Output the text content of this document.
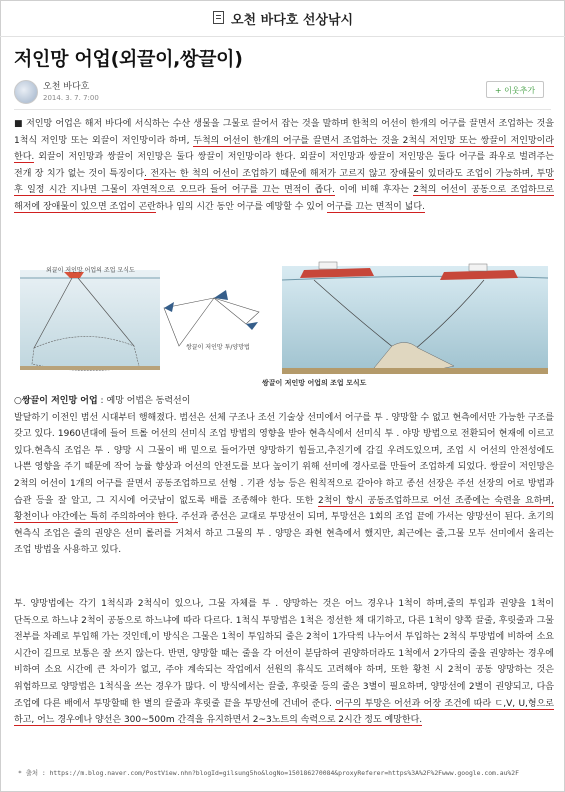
오천 바다호 선상낚시
저인망 어업(외끌이,쌍끌이)
오천 바다호
2014. 3. 7. 7:00
+ 이웃추가
■ 저인망 어업은 해저 바다에 서식하는 수산 생물을 그물로 끌어서 잡는 것을 말하며 한척의 어선이 한개의 어구를 끌면서 조업하는 것을 1척식 저인망 또는 외끌이 저인망이라 하며, 두척의 어선이 한개의 어구를 끌면서 조업하는 것을 2척식 저인망 또는 쌍끌이 저인망이라 한다. 외끌이 저인망과 쌍끌이 저인망은 둘다 쌍끌이 저인망이라 한다. 외끌이 저인망과 쌍끌이 저인망은 둘다 어구를 좌우로 벌려주는 전개 장 치가 없는 것이 특징이다. 전자는 한 척의 어선이 조업하기 때문에 해저가 고르지 않고 장애물이 있더라도 조업이 가능하며, 투망 후 일정 시간 지나면 그물이 자연적으로 오므라 들어 어구를 끄는 면적이 좁다. 이에 비해 후자는 2척의 어선이 공동으로 조업하므로 해저에 장애물이 있으면 조업이 곤란하나 임의 시간 동안 어구를 예망할 수 있어 어구를 끄는 면적이 넓다.
외끌이 저인망 어업의 조업 모식도
쌍끌이 저인망 투/양망법
쌍끌이 저인망 어업의 조업 모식도
○쌍끌이 저인망 어업 : 예망 어법은 동력선이
발달하기 이전인 범선 시대부터 행해졌다. 범선은 선체 구조나 조선 기술상 선미에서 어구를 투 . 양망할 수 없고 현측에서만 가능한 구조를 갖고 있다. 1960년대에 들어 트롤 어선의 선미식 조업 방법의 영향을 받아 현측식에서 선미식 투 . 야망 방법으로 전환되어 현재에 이르고 있다.현측식 조업은 투 . 양망 시 그물이 배 밑으로 들어가면 양망하기 힘들고,추진기에 감길 우려도있으며, 조업 시 어선의 안전성에도 나쁜 영향을 주기 때문에 작어 능률 향상과 어선의 안전도를 보다 높이기 위해 선미에 경사로를 만들어 조업하게 되었다. 쌍끌이 저인망은 2척의 어선이 1개의 어구를 끌면서 공동조업하므로 선형 . 기관 성능 등은 원칙적으로 같아야 하고 종선 선장은 주선 선장의 어로 방법과 습관 등을 잘 알고, 그 지시에 어긋남이 없도록 배를 조종해야 한다. 또한 2척이 항시 공동조업하므로 어선 조종에는 숙련을 요하며, 황천이나 야간에는 특히 주의하여야 한다. 주선과 종선은 교대로 투망선이 되며, 투망선은 1회의 조업 끝에 가서는 양망선이 된다. 초기의 현측식 조업은 줄의 권양은 선미 롤러를 거쳐서 하고 그물의 투 . 양망은 좌현 현측에서 했지만, 최근에는 줄,그물 모두 선미에서 올리는 조업 방법을 사용하고 있다.
투. 양망법에는 각기 1척식과 2척식이 있으나, 그물 자체를 투 . 양망하는 것은 어느 경우나 1척이 하며,줄의 투입과 권양을 1척이 단독으로 하느냐 2척이 공동으로 하느냐에 따라 다르다. 1척식 투망법은 1척은 정선한 채 대기하고, 다른 1척이 양쪽 끌줄, 후릿줄과 그물 전부를 차례로 투입해 가는 것인데,이 방식은 그물은 1척이 투입하되 줄은 2척이 1가닥씩 나누어서 투입하는 2척식 투망법에 비하여 소요 시간이 길므로 보통은 잘 쓰지 않는다. 반면, 양망할 때는 줄을 각 어선이 분담하여 권양하더라도 1척에서 2가닥의 줄을 권양하는 경우에 비하여 소요 시간에 큰 차이가 없고, 주야 계속되는 작업에서 선원의 휴식도 고려해야 하며, 또한 황천 시 2척이 공동 양망하는 것은 위험하므로 양망법은 1척식을 쓰는 경우가 많다. 이 방식에서는 끌줄, 후릿줄 등의 줄은 3별이 필요하며, 양망선에 2별이 권양되고, 다음 조업에 다른 배에서 투망할때 한 별의 끌줄과 후릿줄 끝을 투망선에 건네어 준다. 어구의 투망은 어선과 어장 조건에 따라 ㄷ,V, U,형으로 하고, 어느 경우에나 양선은 300~500m 간격을 유지하면서 2~3노트의 속력으로 2시간 정도 예망한다.
* 출처 : https://m.blog.naver.com/PostView.nhn?blogId=gilsung5ho&logNo=150186270084&proxyReferer=https%3A%2F%2Fwww.google.com.au%2F
